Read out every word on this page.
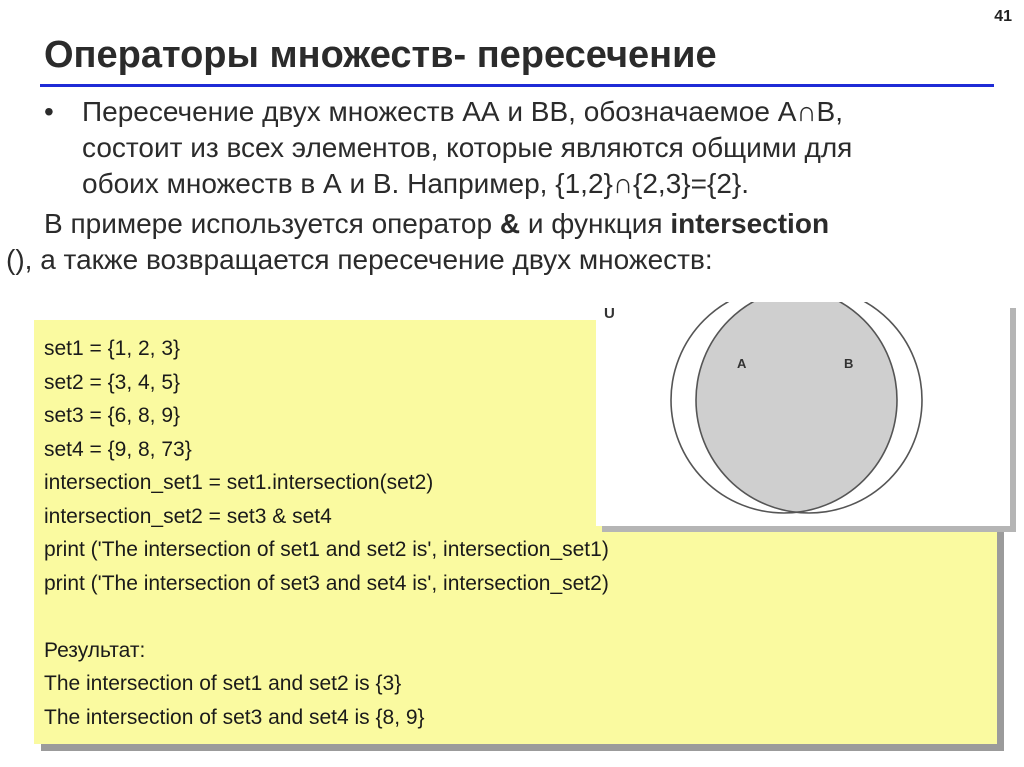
41
Операторы множеств- пересечение
• Пересечение двух множеств АА и ВВ, обозначаемое A∩B,
состоит из всех элементов, которые являются общими для
обоих множеств в А и В. Например, {1,2}∩{2,3}={2}.
В примере используется оператор & и функция intersection
(), а также возвращается пересечение двух множеств:
U
A	B
set1 = {1, 2, 3}
set2 = {3, 4, 5}
set3 = {6, 8, 9}
set4 = {9, 8, 73}
intersection_set1 = set1.intersection(set2)
intersection_set2 = set3 & set4
print ('The intersection of set1 and set2 is', intersection_set1)
print ('The intersection of set3 and set4 is', intersection_set2)
Результат:
The intersection of set1 and set2 is {3}
The intersection of set3 and set4 is {8, 9}
